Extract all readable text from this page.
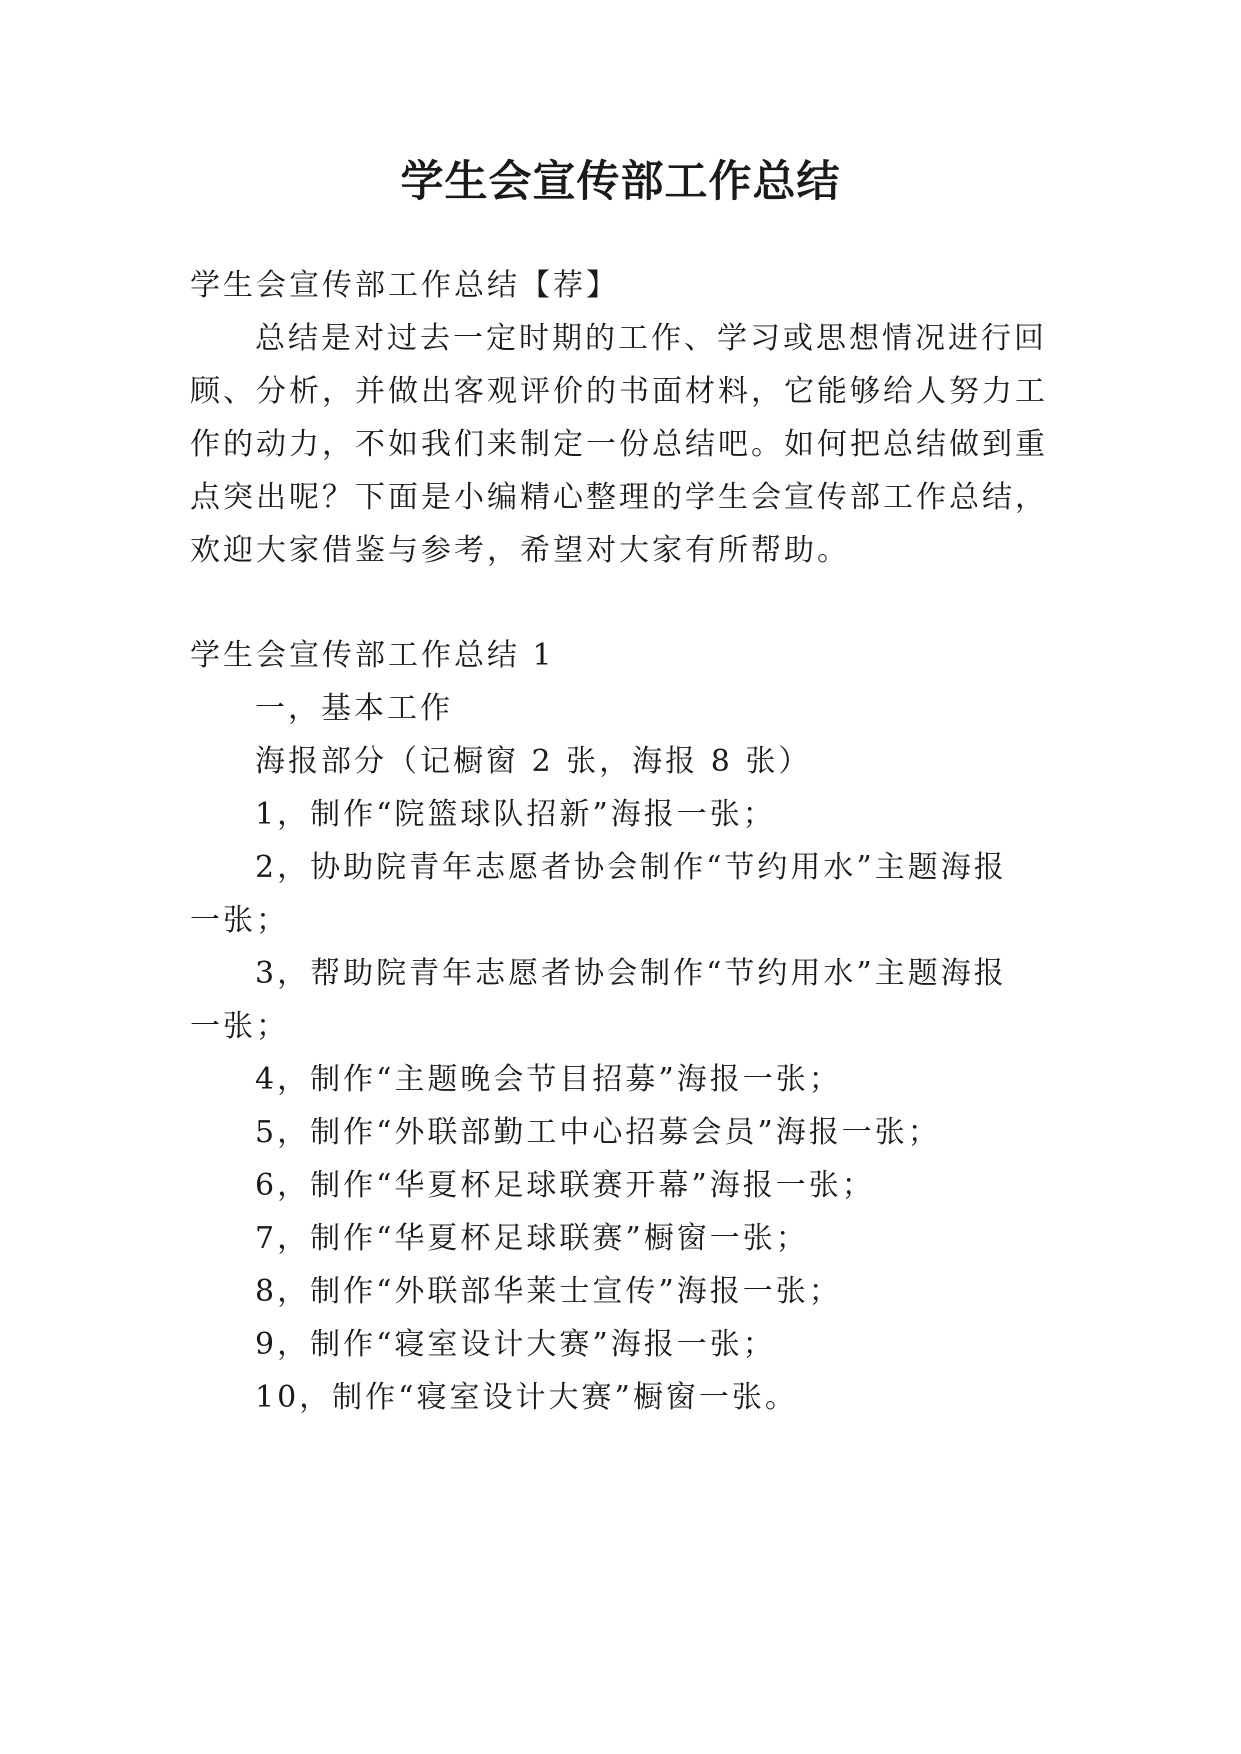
学生会宣传部工作总结
学生会宣传部工作总结【荐】
总结是对过去一定时期的工作、学习或思想情况进行回
顾、分析，并做出客观评价的书面材料，它能够给人努力工
作的动力，不如我们来制定一份总结吧。如何把总结做到重
点突出呢？下面是小编精心整理的学生会宣传部工作总结，
欢迎大家借鉴与参考，希望对大家有所帮助。
学生会宣传部工作总结 1
一，基本工作
海报部分（记橱窗 2 张，海报 8 张）
1，制作“院篮球队招新”海报一张；
2，协助院青年志愿者协会制作“节约用水”主题海报
一张；
3，帮助院青年志愿者协会制作“节约用水”主题海报
一张；
4，制作“主题晚会节目招募”海报一张；
5，制作“外联部勤工中心招募会员”海报一张；
6，制作“华夏杯足球联赛开幕”海报一张；
7，制作“华夏杯足球联赛”橱窗一张；
8，制作“外联部华莱士宣传”海报一张；
9，制作“寝室设计大赛”海报一张；
10，制作“寝室设计大赛”橱窗一张。
